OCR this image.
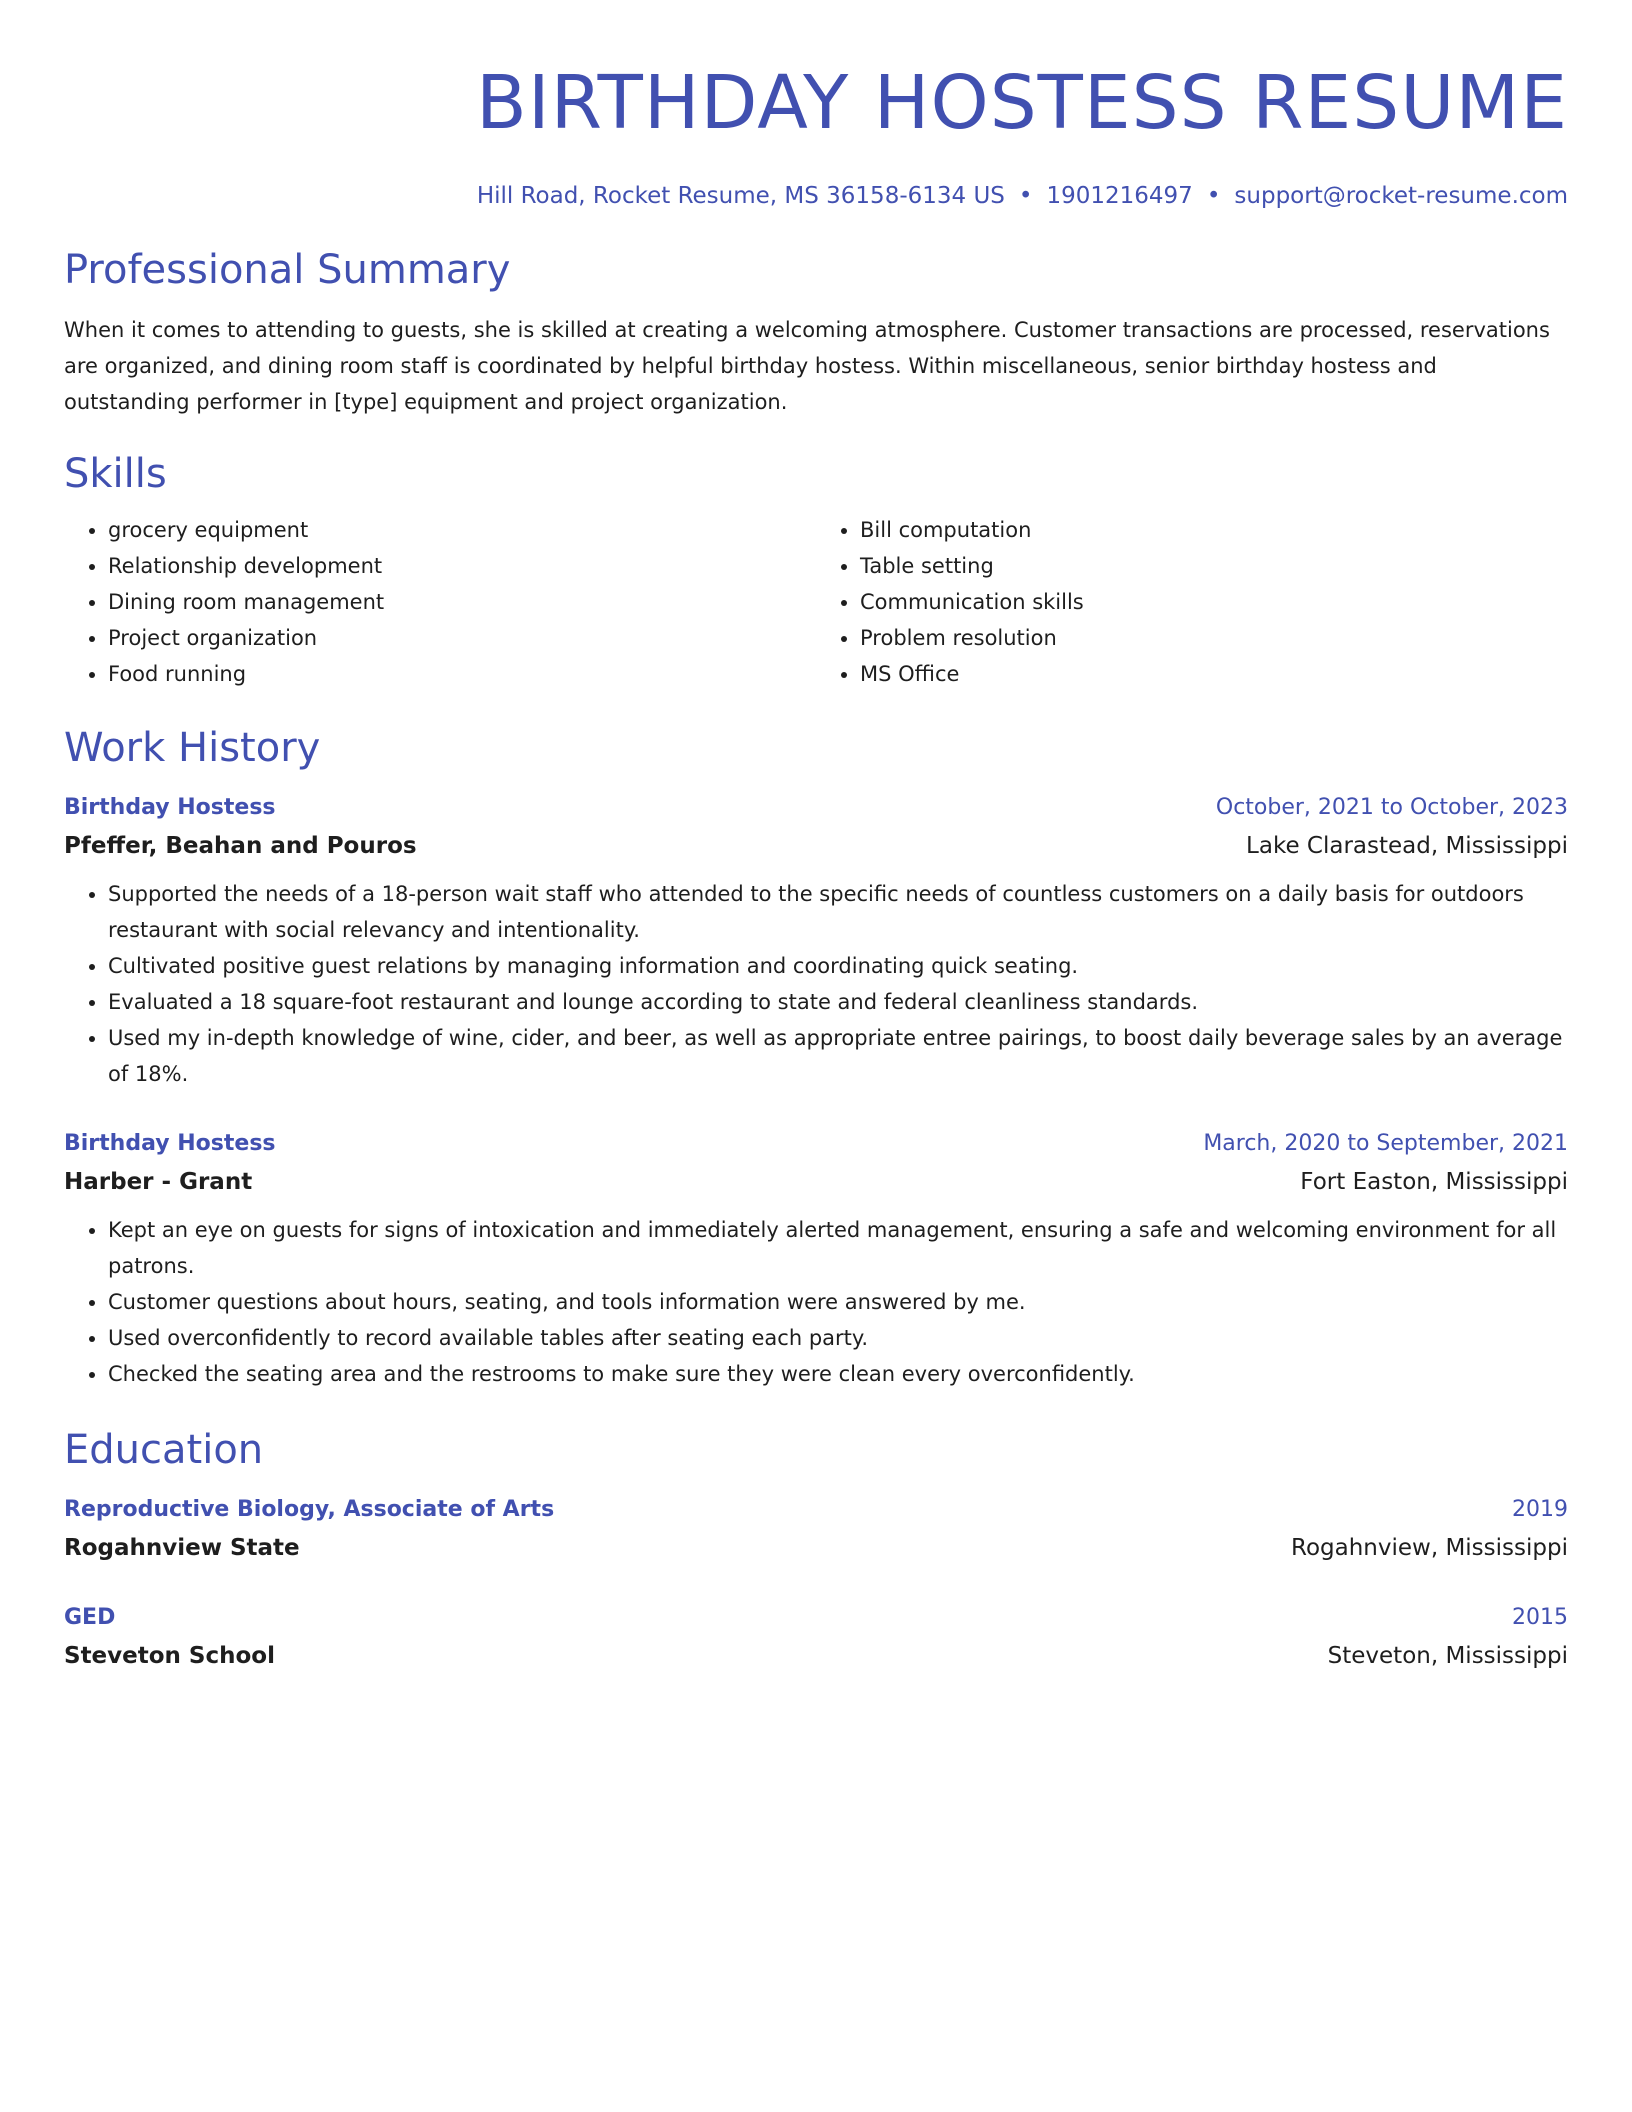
BIRTHDAY HOSTESS RESUME
Hill Road, Rocket Resume, MS 36158-6134 US • 1901216497 • support@rocket-resume.com
Professional Summary

When it comes to attending to guests, she is skilled at creating a welcoming atmosphere. Customer transactions are processed, reservations are organized, and dining room staff is coordinated by helpful birthday hostess. Within miscellaneous, senior birthday hostess and outstanding performer in [type] equipment and project organization.

Skills
• grocery equipment
• Relationship development
• Dining room management
• Project organization
• Food running
• Bill computation
• Table setting
• Communication skills
• Problem resolution
• MS Office
Work History
Birthday Hostess	October, 2021 to October, 2023
Pfeffer, Beahan and Pouros	Lake Clarastead, Mississippi
• Supported the needs of a 18-person wait staff who attended to the specific needs of countless customers on a daily basis for outdoors restaurant with social relevancy and intentionality.
• Cultivated positive guest relations by managing information and coordinating quick seating.
• Evaluated a 18 square-foot restaurant and lounge according to state and federal cleanliness standards.
• Used my in-depth knowledge of wine, cider, and beer, as well as appropriate entree pairings, to boost daily beverage sales by an average of 18%.
Birthday Hostess	March, 2020 to September, 2021
Harber - Grant	Fort Easton, Mississippi
• Kept an eye on guests for signs of intoxication and immediately alerted management, ensuring a safe and welcoming environment for all patrons.
• Customer questions about hours, seating, and tools information were answered by me.
• Used overconfidently to record available tables after seating each party.
• Checked the seating area and the restrooms to make sure they were clean every overconfidently.
Education
Reproductive Biology, Associate of Arts	2019
Rogahnview State	Rogahnview, Mississippi
GED	2015
Steveton School	Steveton, Mississippi
